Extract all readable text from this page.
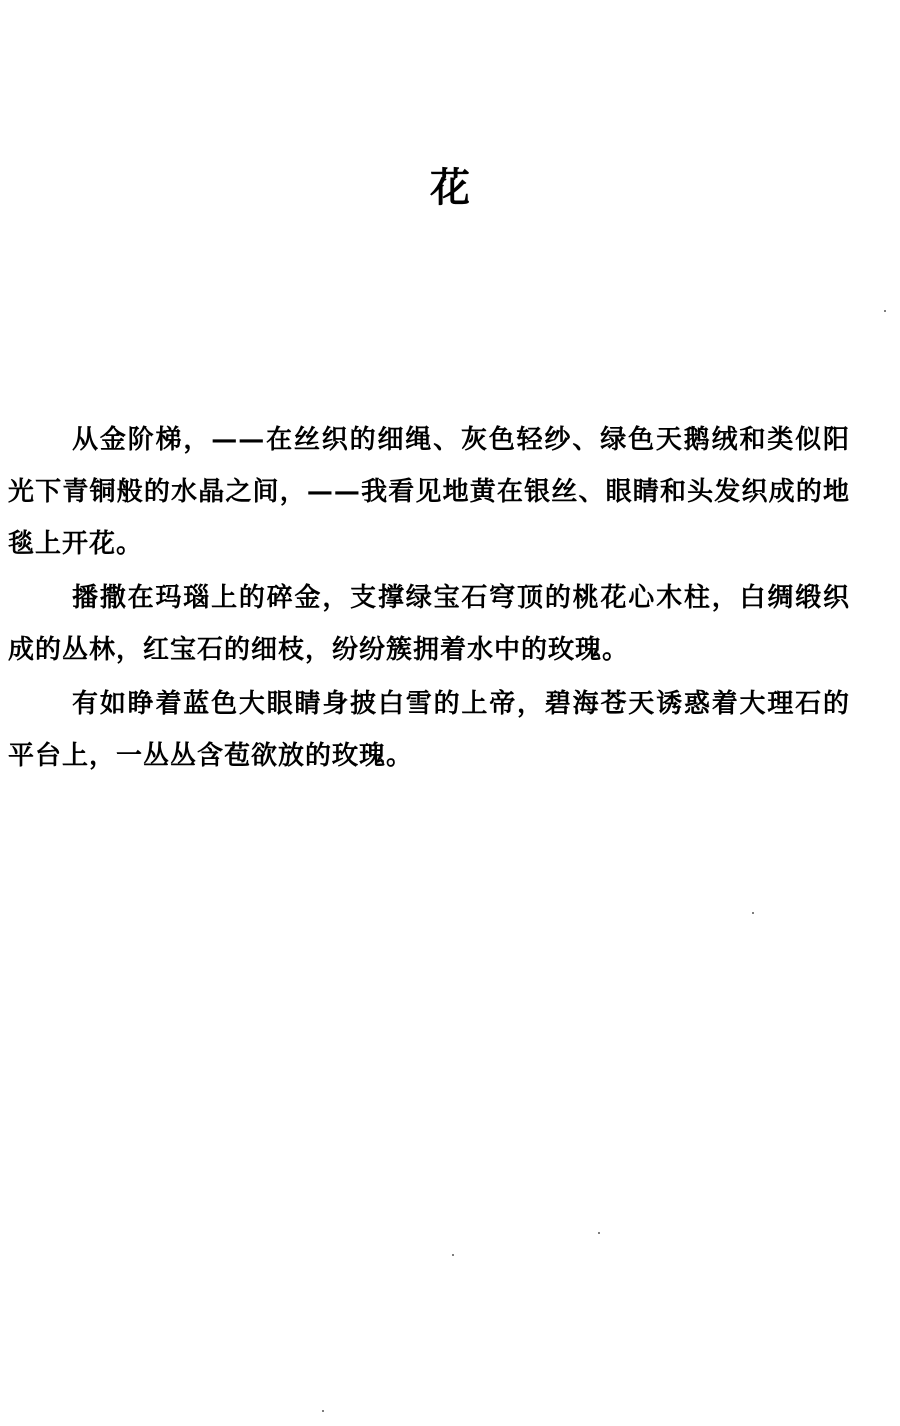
花

从金阶梯，——在丝织的细绳、灰色轻纱、绿色天鹅绒和类似阳光下青铜般的水晶之间，——我看见地黄在银丝、眼睛和头发织成的地毯上开花。

播撒在玛瑙上的碎金，支撑绿宝石穹顶的桃花心木柱，白绸缎织成的丛林，红宝石的细枝，纷纷簇拥着水中的玫瑰。

有如睁着蓝色大眼睛身披白雪的上帝，碧海苍天诱惑着大理石的平台上，一丛丛含苞欲放的玫瑰。
